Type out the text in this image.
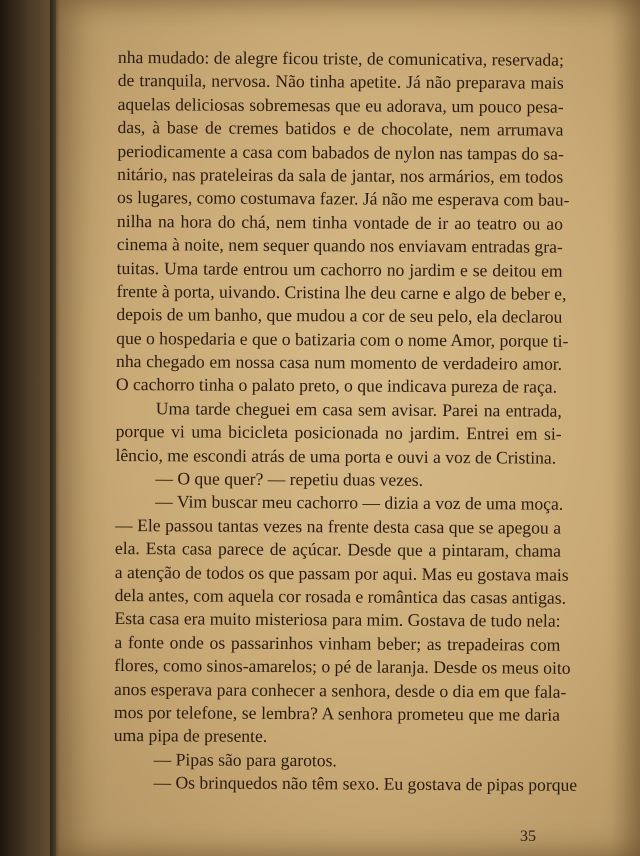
nha mudado: de alegre ficou triste, de comunicativa, reservada;
de tranquila, nervosa. Não tinha apetite. Já não preparava mais
aquelas deliciosas sobremesas que eu adorava, um pouco pesa-
das, à base de cremes batidos e de chocolate, nem arrumava
periodicamente a casa com babados de nylon nas tampas do sa-
nitário, nas prateleiras da sala de jantar, nos armários, em todos
os lugares, como costumava fazer. Já não me esperava com bau-
nilha na hora do chá, nem tinha vontade de ir ao teatro ou ao
cinema à noite, nem sequer quando nos enviavam entradas gra-
tuitas. Uma tarde entrou um cachorro no jardim e se deitou em
frente à porta, uivando. Cristina lhe deu carne e algo de beber e,
depois de um banho, que mudou a cor de seu pelo, ela declarou
que o hospedaria e que o batizaria com o nome Amor, porque ti-
nha chegado em nossa casa num momento de verdadeiro amor.
O cachorro tinha o palato preto, o que indicava pureza de raça.
Uma tarde cheguei em casa sem avisar. Parei na entrada,
porque vi uma bicicleta posicionada no jardim. Entrei em si-
lêncio, me escondi atrás de uma porta e ouvi a voz de Cristina.
— O que quer? — repetiu duas vezes.
— Vim buscar meu cachorro — dizia a voz de uma moça.
— Ele passou tantas vezes na frente desta casa que se apegou a
ela. Esta casa parece de açúcar. Desde que a pintaram, chama
a atenção de todos os que passam por aqui. Mas eu gostava mais
dela antes, com aquela cor rosada e romântica das casas antigas.
Esta casa era muito misteriosa para mim. Gostava de tudo nela:
a fonte onde os passarinhos vinham beber; as trepadeiras com
flores, como sinos-amarelos; o pé de laranja. Desde os meus oito
anos esperava para conhecer a senhora, desde o dia em que fala-
mos por telefone, se lembra? A senhora prometeu que me daria
uma pipa de presente.
— Pipas são para garotos.
— Os brinquedos não têm sexo. Eu gostava de pipas porque
35
